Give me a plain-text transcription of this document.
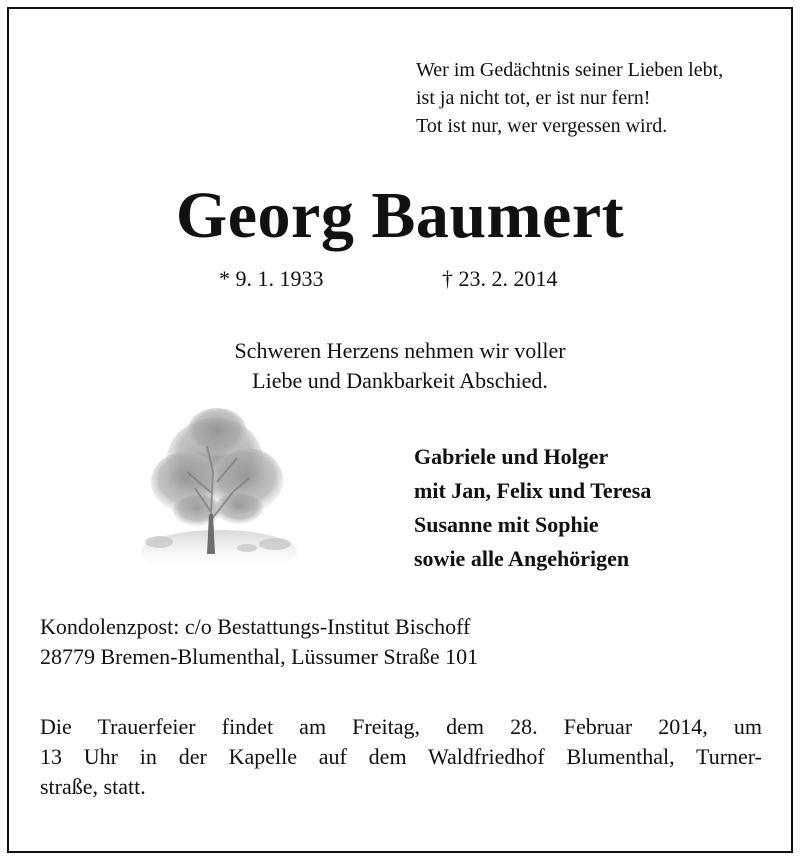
Wer im Gedächtnis seiner Lieben lebt,
ist ja nicht tot, er ist nur fern!
Tot ist nur, wer vergessen wird.
Georg Baumert
* 9. 1. 1933	† 23. 2. 2014
Schweren Herzens nehmen wir voller
Liebe und Dankbarkeit Abschied.
Gabriele und Holger
mit Jan, Felix und Teresa
Susanne mit Sophie
sowie alle Angehörigen
Kondolenzpost: c/o Bestattungs-Institut Bischoff
28779 Bremen-Blumenthal, Lüssumer Straße 101
Die Trauerfeier findet am Freitag, dem 28. Februar 2014, um
13 Uhr in der Kapelle auf dem Waldfriedhof Blumenthal, Turner-
straße, statt.
